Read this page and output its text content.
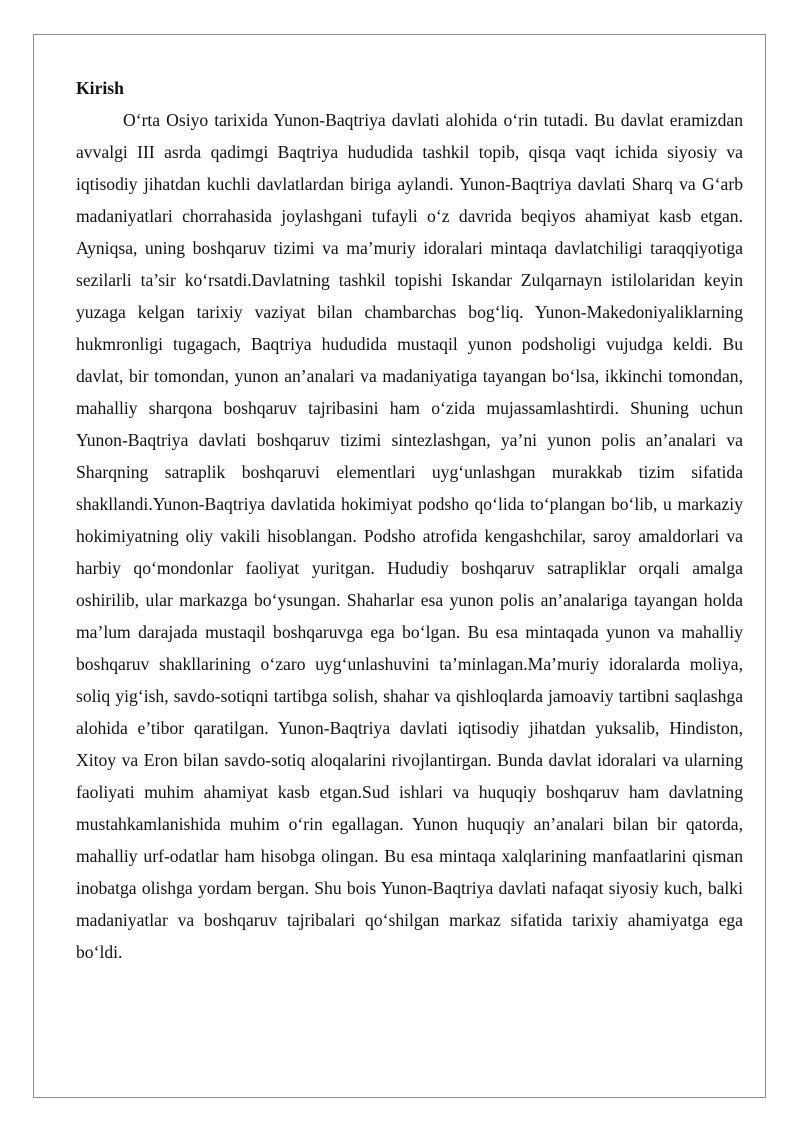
Kirish

O‘rta Osiyo tarixida Yunon-Baqtriya davlati alohida o‘rin tutadi. Bu davlat eramizdan avvalgi III asrda qadimgi Baqtriya hududida tashkil topib, qisqa vaqt ichida siyosiy va iqtisodiy jihatdan kuchli davlatlardan biriga aylandi. Yunon-Baqtriya davlati Sharq va G‘arb madaniyatlari chorrahasida joylashgani tufayli o‘z davrida beqiyos ahamiyat kasb etgan. Ayniqsa, uning boshqaruv tizimi va ma’muriy idoralari mintaqa davlatchiligi taraqqiyotiga sezilarli ta’sir ko‘rsatdi.Davlatning tashkil topishi Iskandar Zulqarnayn istilolaridan keyin yuzaga kelgan tarixiy vaziyat bilan chambarchas bog‘liq. Yunon-Makedoniyaliklarning hukmronligi tugagach, Baqtriya hududida mustaqil yunon podsholigi vujudga keldi. Bu davlat, bir tomondan, yunon an’analari va madaniyatiga tayangan bo‘lsa, ikkinchi tomondan, mahalliy sharqona boshqaruv tajribasini ham o‘zida mujassamlashtirdi. Shuning uchun Yunon-Baqtriya davlati boshqaruv tizimi sintezlashgan, ya’ni yunon polis an’analari va Sharqning satraplik boshqaruvi elementlari uyg‘unlashgan murakkab tizim sifatida shakllandi.Yunon-Baqtriya davlatida hokimiyat podsho qo‘lida to‘plangan bo‘lib, u markaziy hokimiyatning oliy vakili hisoblangan. Podsho atrofida kengashchilar, saroy amaldorlari va harbiy qo‘mondonlar faoliyat yuritgan. Hududiy boshqaruv satrapliklar orqali amalga oshirilib, ular markazga bo‘ysungan. Shaharlar esa yunon polis an’analariga tayangan holda ma’lum darajada mustaqil boshqaruvga ega bo‘lgan. Bu esa mintaqada yunon va mahalliy boshqaruv shakllarining o‘zaro uyg‘unlashuvini ta’minlagan.Ma’muriy idoralarda moliya, soliq yig‘ish, savdo-sotiqni tartibga solish, shahar va qishloqlarda jamoaviy tartibni saqlashga alohida e’tibor qaratilgan. Yunon-Baqtriya davlati iqtisodiy jihatdan yuksalib, Hindiston, Xitoy va Eron bilan savdo-sotiq aloqalarini rivojlantirgan. Bunda davlat idoralari va ularning faoliyati muhim ahamiyat kasb etgan.Sud ishlari va huquqiy boshqaruv ham davlatning mustahkamlanishida muhim o‘rin egallagan. Yunon huquqiy an’analari bilan bir qatorda, mahalliy urf-odatlar ham hisobga olingan. Bu esa mintaqa xalqlarining manfaatlarini qisman inobatga olishga yordam bergan. Shu bois Yunon-Baqtriya davlati nafaqat siyosiy kuch, balki madaniyatlar va boshqaruv tajribalari qo‘shilgan markaz sifatida tarixiy ahamiyatga ega bo‘ldi.
